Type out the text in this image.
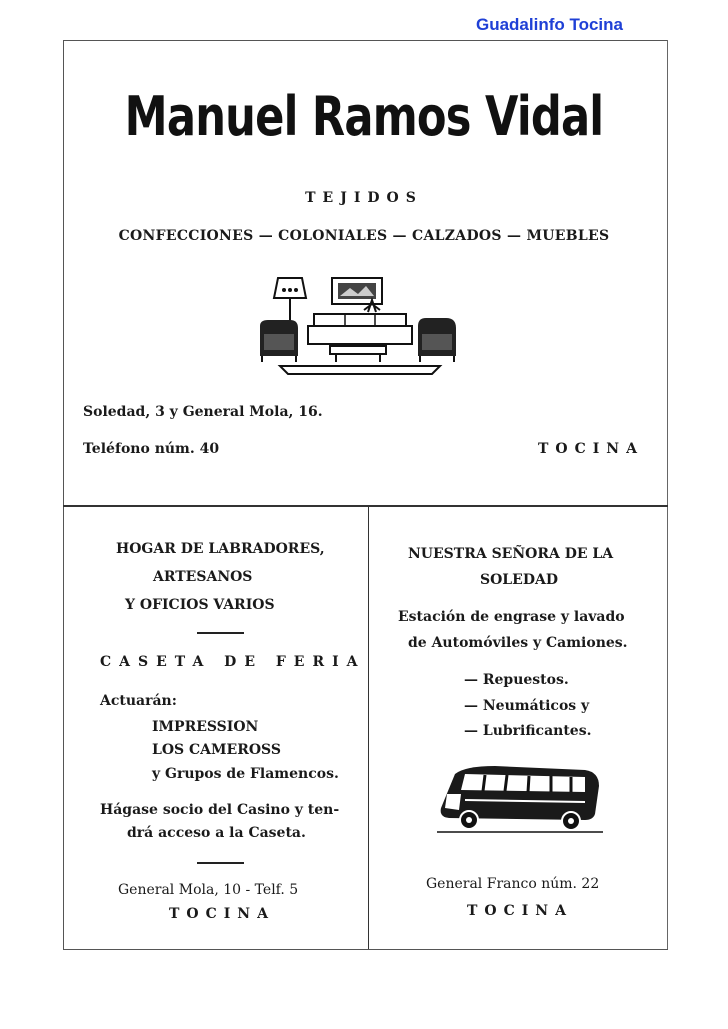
Guadalinfo Tocina
Manuel Ramos Vidal
TEJIDOS
CONFECCIONES — COLONIALES — CALZADOS — MUEBLES
Soledad, 3 y General Mola, 16.
Teléfono núm. 40	TOCINA
HOGAR DE LABRADORES,
ARTESANOS
Y OFICIOS VARIOS
CASETA DE FERIA
Actuarán:
IMPRESSION
LOS CAMEROSS
y Grupos de Flamencos.
Hágase socio del Casino y ten-
drá acceso a la Caseta.
General Mola, 10 - Telf. 5
TOCINA
NUESTRA SEÑORA DE LA
SOLEDAD
Estación de engrase y lavado
de Automóviles y Camiones.
— Repuestos.
— Neumáticos y
— Lubrificantes.
General Franco núm. 22
TOCINA
